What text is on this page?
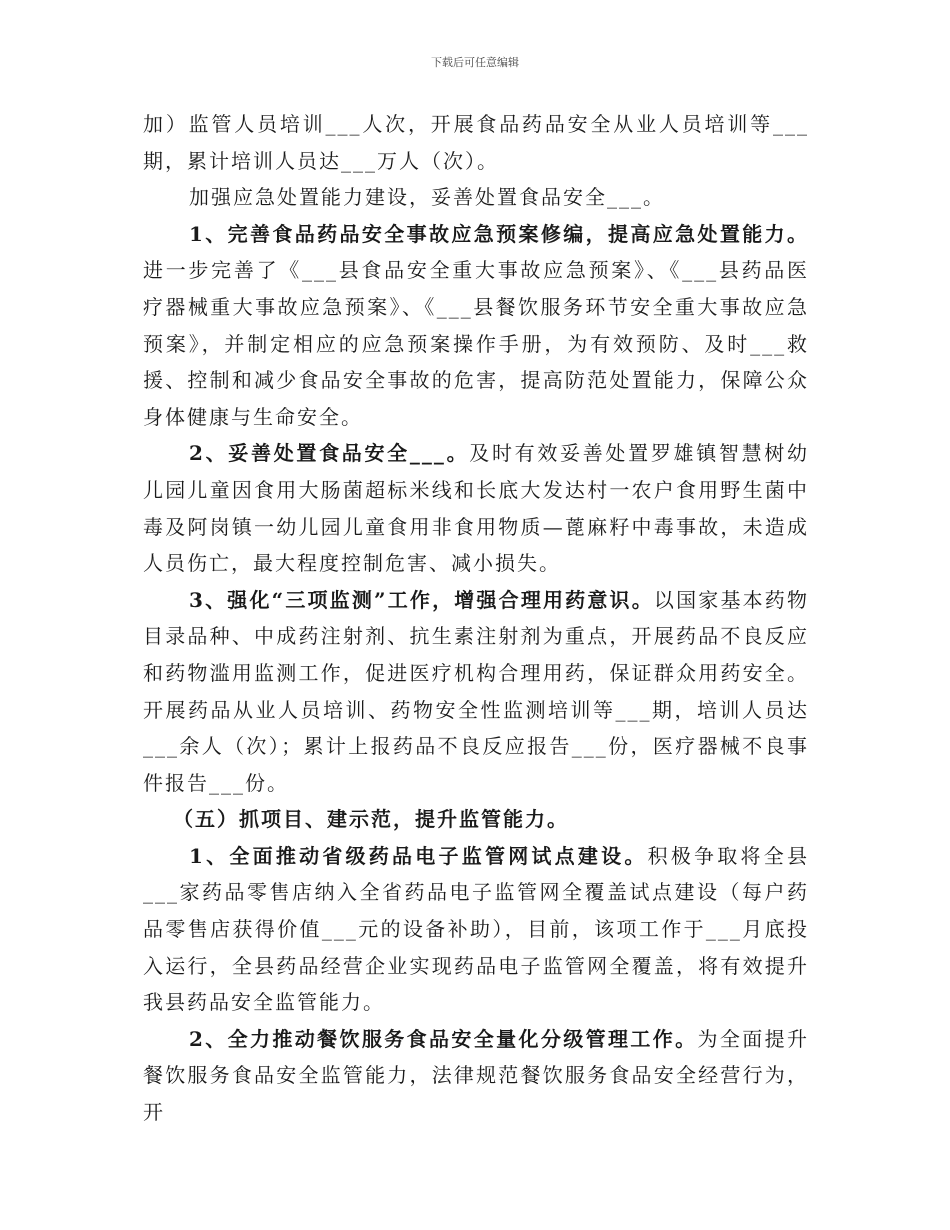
下载后可任意编辑

加）监管人员培训___人次，开展食品药品安全从业人员培训等___期，累计培训人员达___万人（次）。

加强应急处置能力建设，妥善处置食品安全___。

1、完善食品药品安全事故应急预案修编，提高应急处置能力。进一步完善了《___县食品安全重大事故应急预案》、《___县药品医疗器械重大事故应急预案》、《___县餐饮服务环节安全重大事故应急预案》，并制定相应的应急预案操作手册，为有效预防、及时___救援、控制和减少食品安全事故的危害，提高防范处置能力，保障公众身体健康与生命安全。

2、妥善处置食品安全___。及时有效妥善处置罗雄镇智慧树幼儿园儿童因食用大肠菌超标米线和长底大发达村一农户食用野生菌中毒及阿岗镇一幼儿园儿童食用非食用物质—蓖麻籽中毒事故，未造成人员伤亡，最大程度控制危害、减小损失。

3、强化“三项监测”工作，增强合理用药意识。以国家基本药物目录品种、中成药注射剂、抗生素注射剂为重点，开展药品不良反应和药物滥用监测工作，促进医疗机构合理用药，保证群众用药安全。开展药品从业人员培训、药物安全性监测培训等___期，培训人员达___余人（次）；累计上报药品不良反应报告___份，医疗器械不良事件报告___份。

（五）抓项目、建示范，提升监管能力。

1、全面推动省级药品电子监管网试点建设。积极争取将全县___家药品零售店纳入全省药品电子监管网全覆盖试点建设（每户药品零售店获得价值___元的设备补助），目前，该项工作于___月底投入运行，全县药品经营企业实现药品电子监管网全覆盖，将有效提升我县药品安全监管能力。

2、全力推动餐饮服务食品安全量化分级管理工作。为全面提升餐饮服务食品安全监管能力，法律规范餐饮服务食品安全经营行为，开
